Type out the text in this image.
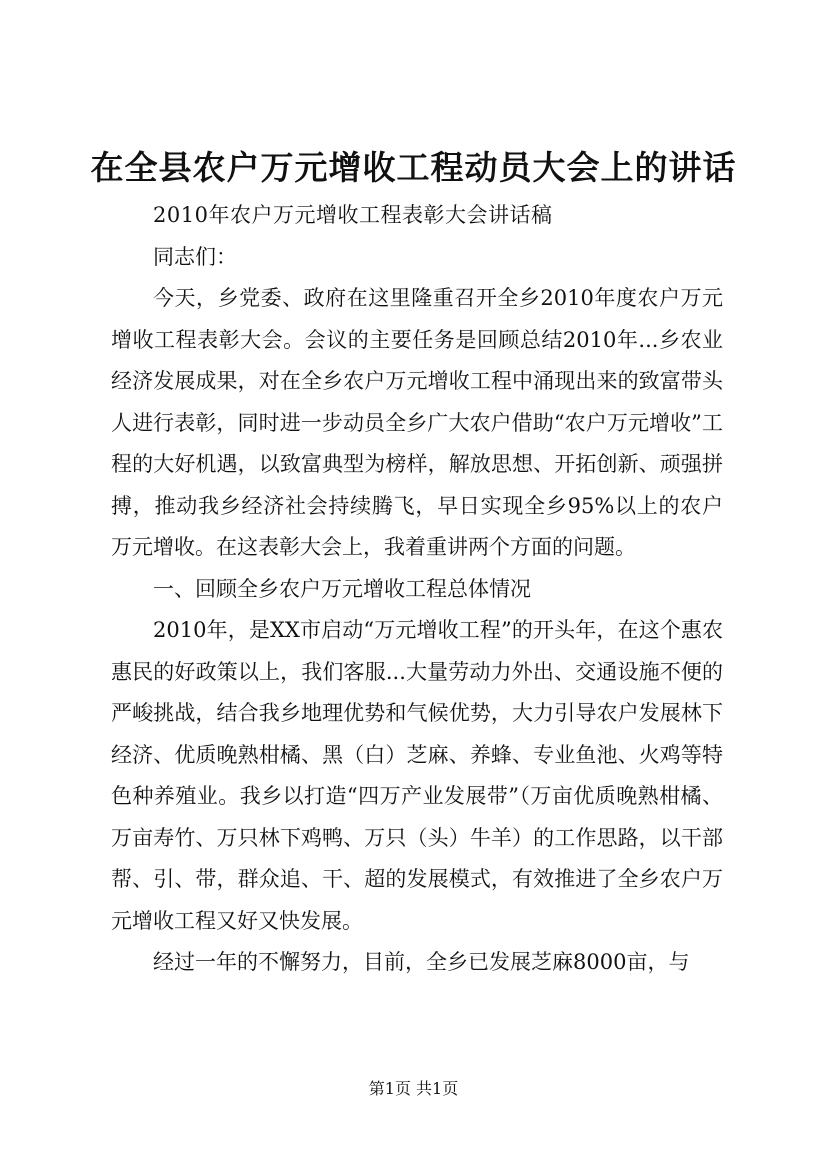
在全县农户万元增收工程动员大会上的讲话

2010年农户万元增收工程表彰大会讲话稿

同志们：

今天，乡党委、政府在这里隆重召开全乡2010年度农户万元增收工程表彰大会。会议的主要任务是回顾总结2010年...乡农业经济发展成果，对在全乡农户万元增收工程中涌现出来的致富带头人进行表彰，同时进一步动员全乡广大农户借助“农户万元增收”工程的大好机遇，以致富典型为榜样，解放思想、开拓创新、顽强拼搏，推动我乡经济社会持续腾飞，早日实现全乡95%以上的农户万元增收。在这表彰大会上，我着重讲两个方面的问题。

一、回顾全乡农户万元增收工程总体情况

2010年，是XX市启动“万元增收工程”的开头年，在这个惠农惠民的好政策以上，我们客服...大量劳动力外出、交通设施不便的严峻挑战，结合我乡地理优势和气候优势，大力引导农户发展林下经济、优质晚熟柑橘、黑（白）芝麻、养蜂、专业鱼池、火鸡等特色种养殖业。我乡以打造“四万产业发展带”（万亩优质晚熟柑橘、万亩寿竹、万只林下鸡鸭、万只（头）牛羊）的工作思路，以干部帮、引、带，群众追、干、超的发展模式，有效推进了全乡农户万元增收工程又好又快发展。

经过一年的不懈努力，目前，全乡已发展芝麻8000亩，与

第1页 共1页
